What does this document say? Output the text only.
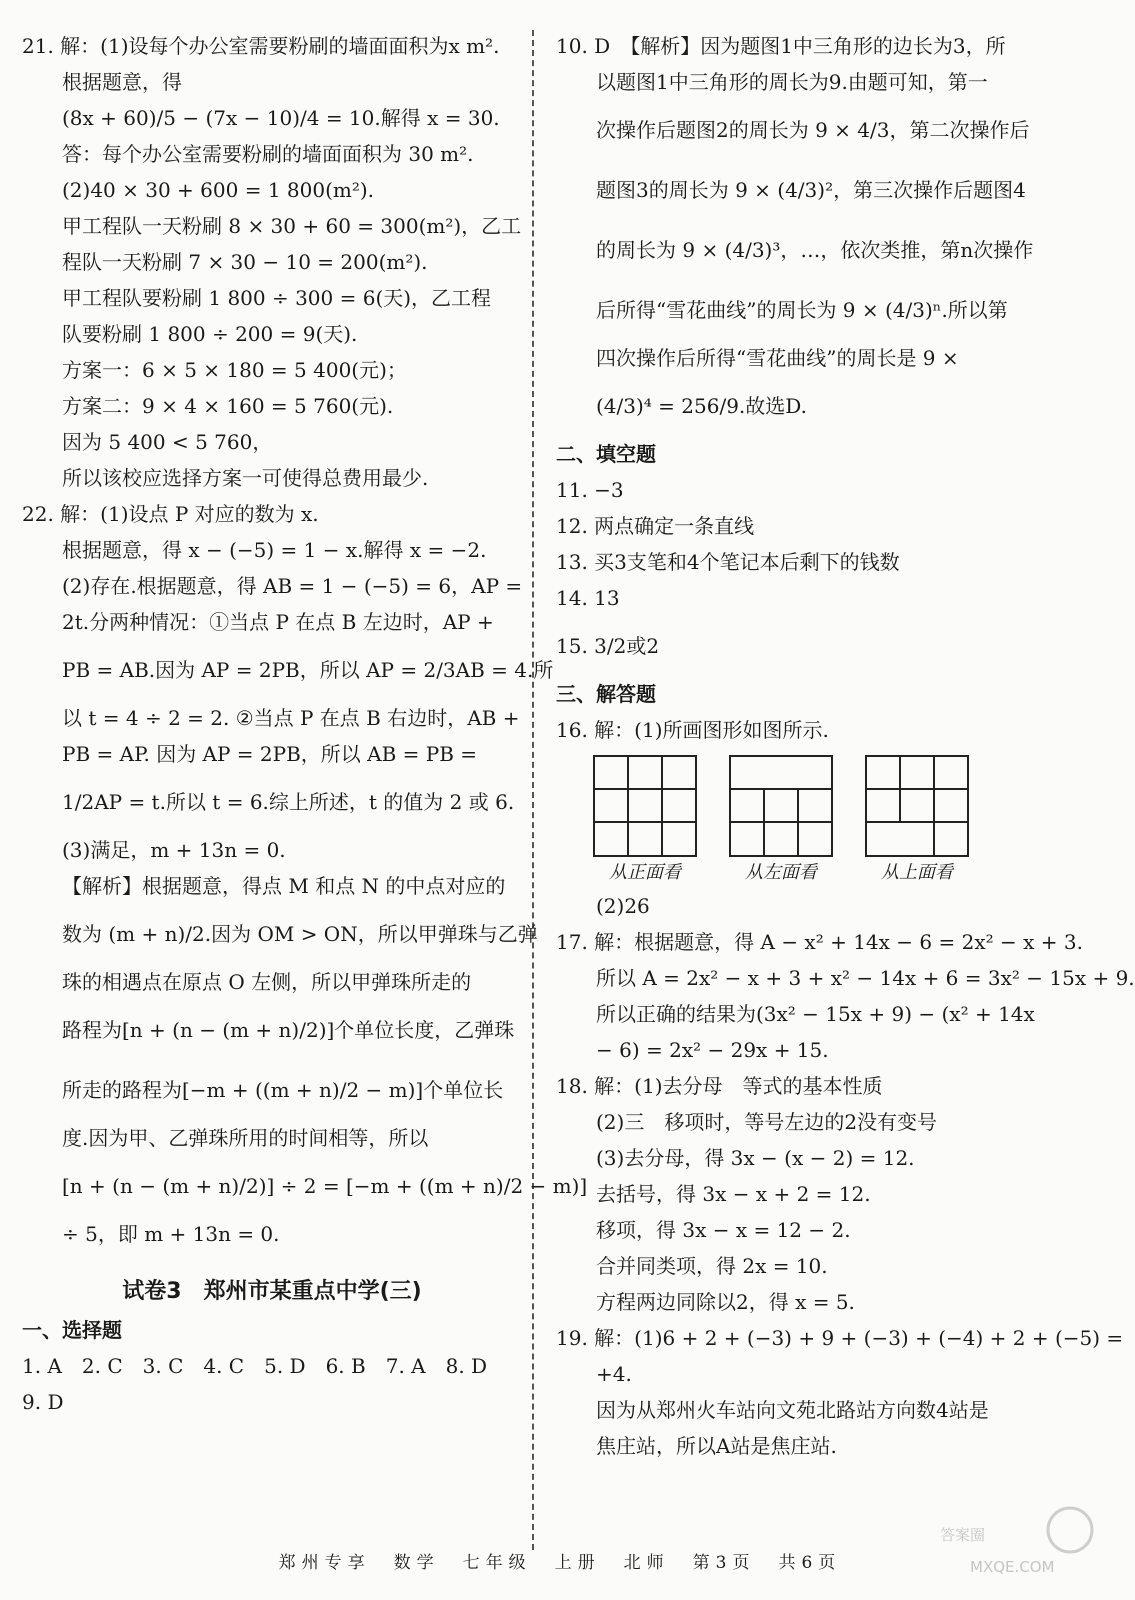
21. 解：(1)设每个办公室需要粉刷的墙面面积为x m².
根据题意，得
(8x + 60)/5 − (7x − 10)/4 = 10.解得 x = 30.
答：每个办公室需要粉刷的墙面面积为 30 m².
(2)40 × 30 + 600 = 1 800(m²).
甲工程队一天粉刷 8 × 30 + 60 = 300(m²)，乙工
程队一天粉刷 7 × 30 − 10 = 200(m²).
甲工程队要粉刷 1 800 ÷ 300 = 6(天)，乙工程
队要粉刷 1 800 ÷ 200 = 9(天).
方案一：6 × 5 × 180 = 5 400(元)；
方案二：9 × 4 × 160 = 5 760(元).
因为 5 400 < 5 760，
所以该校应选择方案一可使得总费用最少.
22. 解：(1)设点 P 对应的数为 x.
根据题意，得 x − (−5) = 1 − x.解得 x = −2.
(2)存在.根据题意，得 AB = 1 − (−5) = 6，AP =
2t.分两种情况：①当点 P 在点 B 左边时，AP +
PB = AB.因为 AP = 2PB，所以 AP = 2/3AB = 4.所
以 t = 4 ÷ 2 = 2. ②当点 P 在点 B 右边时，AB +
PB = AP. 因为 AP = 2PB，所以 AB = PB =
1/2AP = t.所以 t = 6.综上所述，t 的值为 2 或 6.
(3)满足，m + 13n = 0.
【解析】根据题意，得点 M 和点 N 的中点对应的
数为 (m + n)/2.因为 OM > ON，所以甲弹珠与乙弹
珠的相遇点在原点 O 左侧，所以甲弹珠所走的
路程为[n + (n − (m + n)/2)]个单位长度，乙弹珠
所走的路程为[−m + ((m + n)/2 − m)]个单位长
度.因为甲、乙弹珠所用的时间相等，所以
[n + (n − (m + n)/2)] ÷ 2 = [−m + ((m + n)/2 − m)]
÷ 5，即 m + 13n = 0.
试卷3　郑州市某重点中学(三)
一、选择题
1. A　2. C　3. C　4. C　5. D　6. B　7. A　8. D
9. D
10. D　【解析】因为题图1中三角形的边长为3，所
以题图1中三角形的周长为9.由题可知，第一
次操作后题图2的周长为 9 × 4/3，第二次操作后
题图3的周长为 9 × (4/3)²，第三次操作后题图4
的周长为 9 × (4/3)³，…，依次类推，第n次操作
后所得“雪花曲线”的周长为 9 × (4/3)ⁿ.所以第
四次操作后所得“雪花曲线”的周长是 9 ×
(4/3)⁴ = 256/9.故选D.
二、填空题
11. −3
12. 两点确定一条直线
13. 买3支笔和4个笔记本后剩下的钱数
14. 13
15. 3/2或2
三、解答题
16. 解：(1)所画图形如图所示.
从正面看	从左面看	从上面看
(2)26
17. 解：根据题意，得 A − x² + 14x − 6 = 2x² − x + 3.
所以 A = 2x² − x + 3 + x² − 14x + 6 = 3x² − 15x + 9.
所以正确的结果为(3x² − 15x + 9) − (x² + 14x
− 6) = 2x² − 29x + 15.
18. 解：(1)去分母　等式的基本性质
(2)三　移项时，等号左边的2没有变号
(3)去分母，得 3x − (x − 2) = 12.
去括号，得 3x − x + 2 = 12.
移项，得 3x − x = 12 − 2.
合并同类项，得 2x = 10.
方程两边同除以2，得 x = 5.
19. 解：(1)6 + 2 + (−3) + 9 + (−3) + (−4) + 2 + (−5) =
+4.
因为从郑州火车站向文苑北路站方向数4站是
焦庄站，所以A站是焦庄站.
郑州专享　数学　七年级　上册　北师　第3页　共6页
答案圈
MXQE.COM
